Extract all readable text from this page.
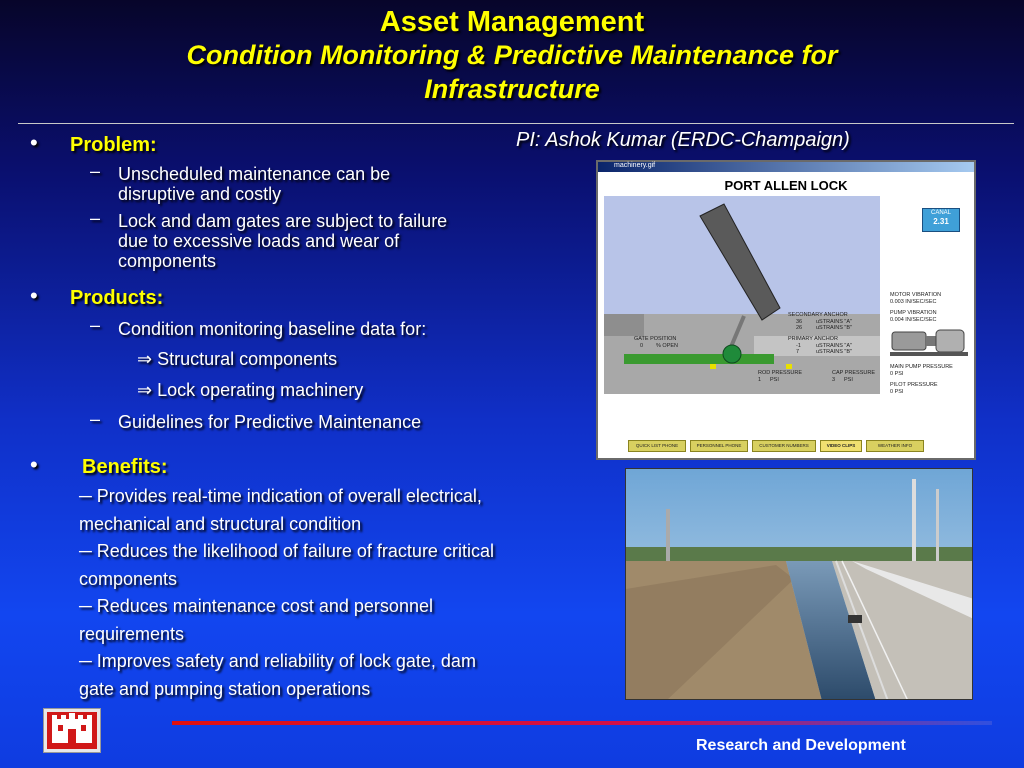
Asset Management
Condition Monitoring & Predictive Maintenance for
Infrastructure
PI: Ashok Kumar (ERDC-Champaign)
• Problem:
– Unscheduled maintenance can be
disruptive and costly
– Lock and dam gates are subject to failure
due to excessive loads and wear of
components
• Products:
– Condition monitoring baseline data for:
⇒ Structural components
⇒ Lock operating machinery
– Guidelines for Predictive Maintenance
• Benefits:
─ Provides real-time indication of overall electrical,
mechanical and structural condition
─ Reduces the likelihood of failure of fracture critical
components
─ Reduces maintenance cost and personnel
requirements
─ Improves safety and reliability of lock gate, dam
gate and pumping station operations
machinery.gif
PORT ALLEN LOCK
CANAL
2.31
SECONDARY ANCHOR
36	uSTRAINS "A"
26	uSTRAINS "B"
PRIMARY ANCHOR
-1	uSTRAINS "A"
7	uSTRAINS "B"
GATE POSITION
0 % OPEN
ROD PRESSURE
1 PSI
CAP PRESSURE
3 PSI
MOTOR VIBRATION
0.003 IN/SEC/SEC
PUMP VIBRATION
0.004 IN/SEC/SEC
MAIN PUMP PRESSURE
0 PSI
PILOT PRESSURE
0 PSI
QUICK LIST PHONE	PERSONNEL PHONE	CUSTOMER NUMBERS	VIDEO CLIPS	WEATHER INFO
Research and Development
